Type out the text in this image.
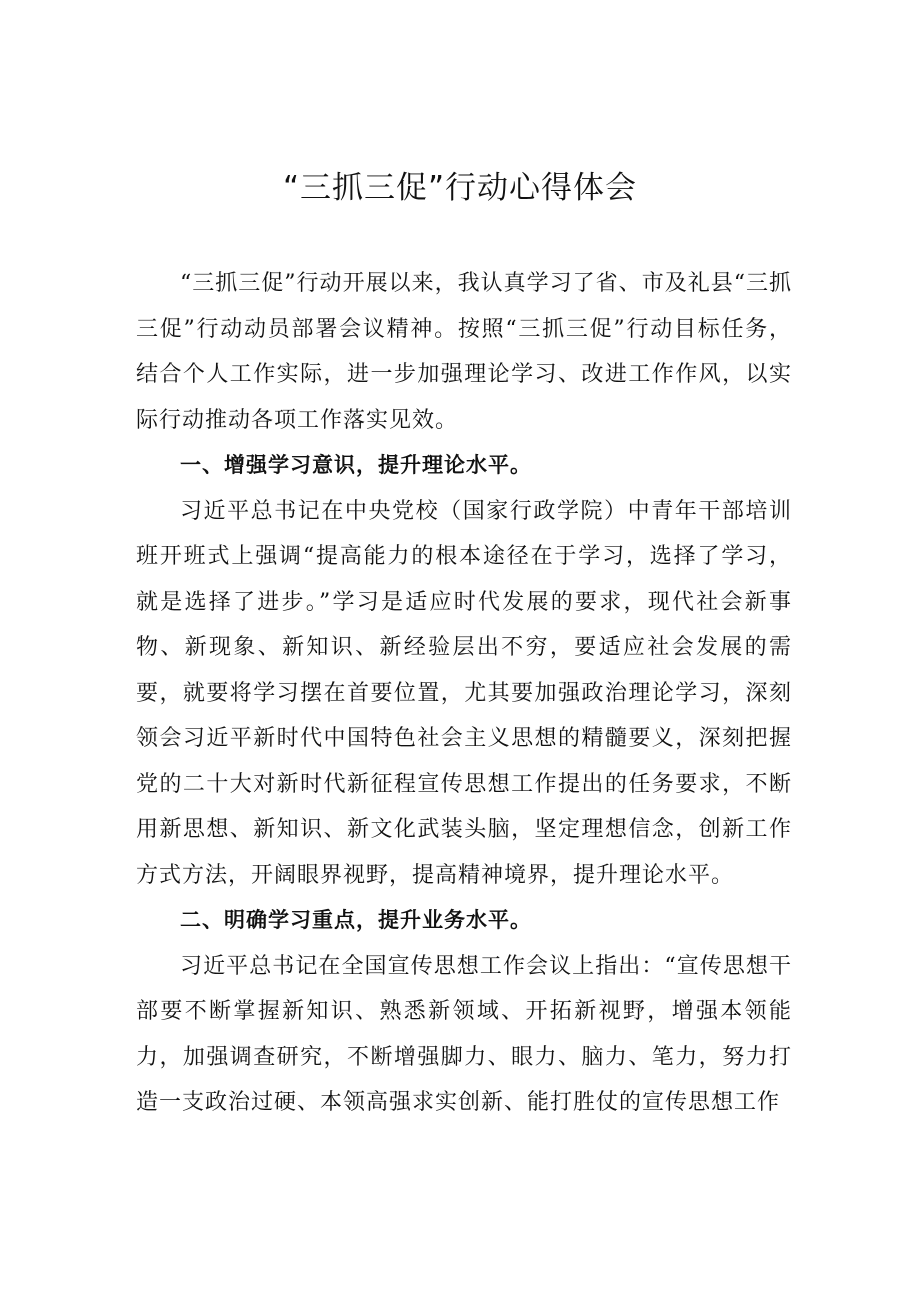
“三抓三促”行动心得体会

“三抓三促”行动开展以来，我认真学习了省、市及礼县“三抓三促”行动动员部署会议精神。按照“三抓三促”行动目标任务，结合个人工作实际，进一步加强理论学习、改进工作作风，以实际行动推动各项工作落实见效。

一、增强学习意识，提升理论水平。

习近平总书记在中央党校（国家行政学院）中青年干部培训班开班式上强调“提高能力的根本途径在于学习，选择了学习，就是选择了进步。”学习是适应时代发展的要求，现代社会新事物、新现象、新知识、新经验层出不穷，要适应社会发展的需要，就要将学习摆在首要位置，尤其要加强政治理论学习，深刻领会习近平新时代中国特色社会主义思想的精髓要义，深刻把握党的二十大对新时代新征程宣传思想工作提出的任务要求，不断用新思想、新知识、新文化武装头脑，坚定理想信念，创新工作方式方法，开阔眼界视野，提高精神境界，提升理论水平。

二、明确学习重点，提升业务水平。

习近平总书记在全国宣传思想工作会议上指出：“宣传思想干部要不断掌握新知识、熟悉新领域、开拓新视野，增强本领能力，加强调查研究，不断增强脚力、眼力、脑力、笔力，努力打造一支政治过硬、本领高强求实创新、能打胜仗的宣传思想工作
